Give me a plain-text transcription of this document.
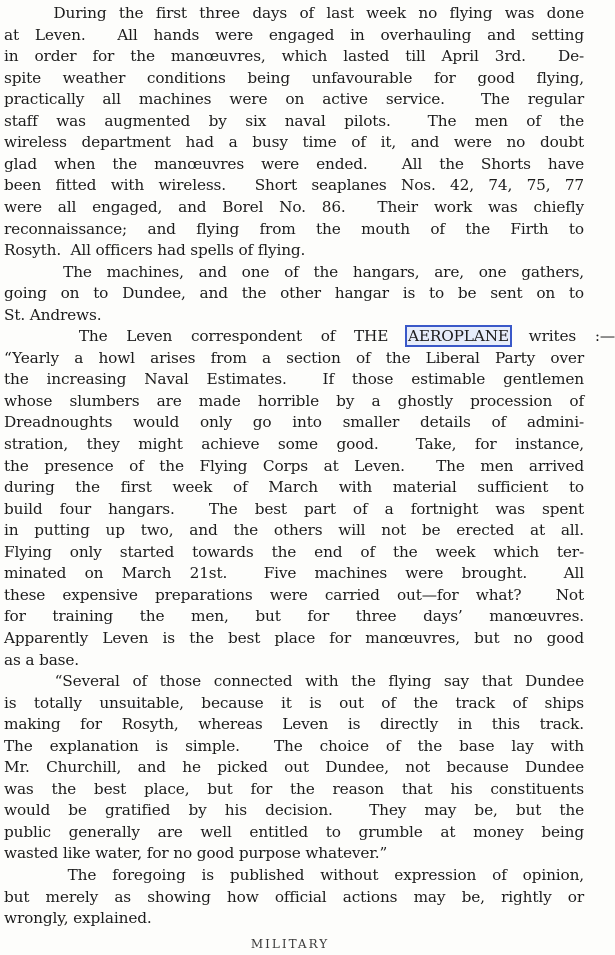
During the first three days of last week no flying was done
at Leven.  All hands were engaged in overhauling and setting
in order for the manœuvres, which lasted till April 3rd.  De-
spite weather conditions being unfavourable for good flying,
practically all machines were on active service.  The regular
staff was augmented by six naval pilots.  The men of the
wireless department had a busy time of it, and were no doubt
glad when the manœuvres were ended.  All the Shorts have
been fitted with wireless.  Short seaplanes Nos. 42, 74, 75, 77
were all engaged, and Borel No. 86.  Their work was chiefly
reconnaissance; and flying from the mouth of the Firth to
Rosyth.  All officers had spells of flying.
The machines, and one of the hangars, are, one gathers,
going on to Dundee, and the other hangar is to be sent on to
St. Andrews.
The Leven correspondent of THE AEROPLANE writes :—
“Yearly a howl arises from a section of the Liberal Party over
the increasing Naval Estimates.  If those estimable gentlemen
whose slumbers are made horrible by a ghostly procession of
Dreadnoughts would only go into smaller details of admini-
stration, they might achieve some good.  Take, for instance,
the presence of the Flying Corps at Leven.  The men arrived
during the first week of March with material sufficient to
build four hangars.  The best part of a fortnight was spent
in putting up two, and the others will not be erected at all.
Flying only started towards the end of the week which ter-
minated on March 21st.  Five machines were brought.  All
these expensive preparations were carried out—for what?  Not
for training the men, but for three days’ manœuvres.
Apparently Leven is the best place for manœuvres, but no good
as a base.
“Several of those connected with the flying say that Dundee
is totally unsuitable, because it is out of the track of ships
making for Rosyth, whereas Leven is directly in this track.
The explanation is simple.  The choice of the base lay with
Mr. Churchill, and he picked out Dundee, not because Dundee
was the best place, but for the reason that his constituents
would be gratified by his decision.  They may be, but the
public generally are well entitled to grumble at money being
wasted like water, for no good purpose whatever.”
The foregoing is published without expression of opinion,
but merely as showing how official actions may be, rightly or
wrongly, explained.
MILITARY
